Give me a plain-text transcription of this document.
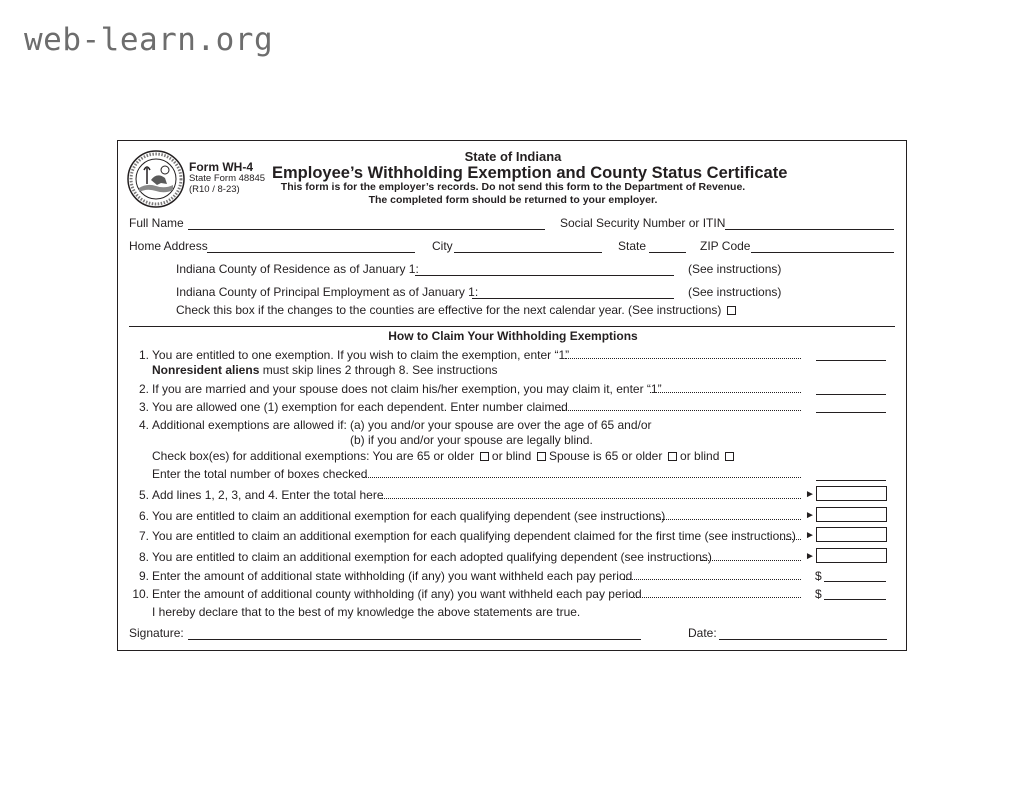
web-learn.org
Form WH-4
State Form 48845
(R10 / 8-23)
State of Indiana
Employee’s Withholding Exemption and County Status Certificate
This form is for the employer’s records. Do not send this form to the Department of Revenue.
The completed form should be returned to your employer.
Full Name	Social Security Number or ITIN
Home Address	City	State	ZIP Code
Indiana County of Residence as of January 1:	(See instructions)
Indiana County of Principal Employment as of January 1:	(See instructions)
Check this box if the changes to the counties are effective for the next calendar year. (See instructions)
How to Claim Your Withholding Exemptions
1. You are entitled to one exemption. If you wish to claim the exemption, enter “1”
Nonresident aliens must skip lines 2 through 8. See instructions
2. If you are married and your spouse does not claim his/her exemption, you may claim it, enter “1”
3. You are allowed one (1) exemption for each dependent. Enter number claimed
4. Additional exemptions are allowed if: (a) you and/or your spouse are over the age of 65 and/or
(b) if you and/or your spouse are legally blind.
Check box(es) for additional exemptions: You are 65 or older or blind Spouse is 65 or older or blind
Enter the total number of boxes checked
5. Add lines 1, 2, 3, and 4. Enter the total here	►
6. You are entitled to claim an additional exemption for each qualifying dependent (see instructions)	►
7. You are entitled to claim an additional exemption for each qualifying dependent claimed for the first time (see instructions) ►
8. You are entitled to claim an additional exemption for each adopted qualifying dependent (see instructions)	►
9. Enter the amount of additional state withholding (if any) you want withheld each pay period	$
10. Enter the amount of additional county withholding (if any) you want withheld each pay period	$
I hereby declare that to the best of my knowledge the above statements are true.
Signature:	Date:
